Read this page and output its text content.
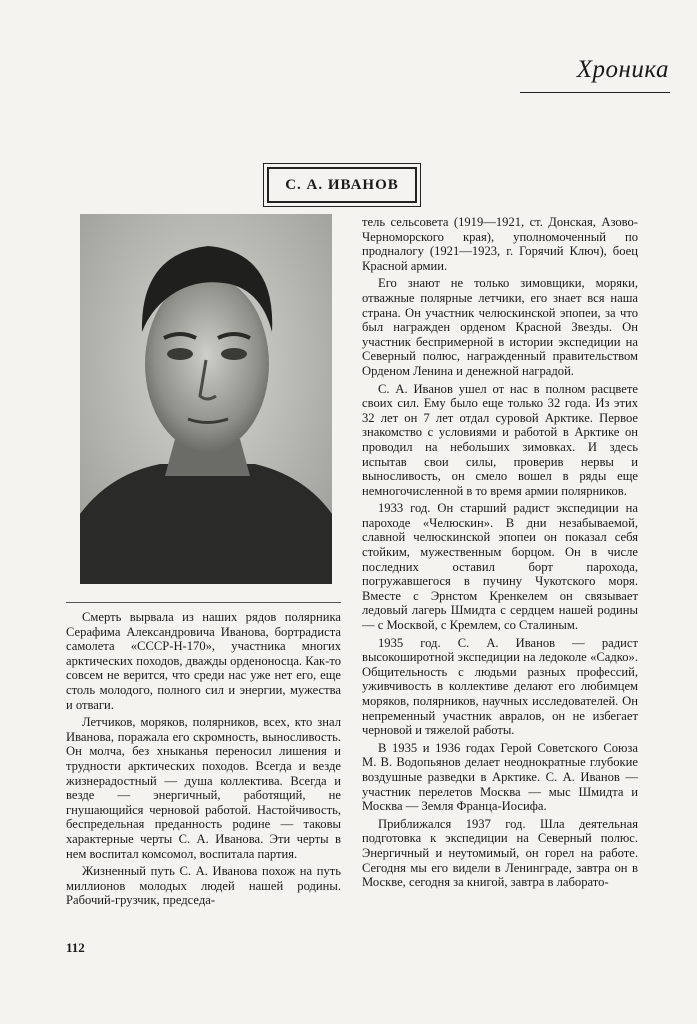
Хроника
С. А. ИВАНОВ

Смерть вырвала из наших рядов полярника Серафима Александровича Иванова, бортрадиста самолета «СССР-Н-170», участника многих арктических походов, дважды орденоносца. Как-то совсем не верится, что среди нас уже нет его, еще столь молодого, полного сил и энергии, мужества и отваги.

Летчиков, моряков, полярников, всех, кто знал Иванова, поражала его скромность, выносливость. Он молча, без хныканья переносил лишения и трудности арктических походов. Всегда и везде жизнерадостный — душа коллектива. Всегда и везде — энергичный, работящий, не гнушающийся черновой работой. Настойчивость, беспредельная преданность родине — таковы характерные черты С. А. Иванова. Эти черты в нем воспитал комсомол, воспитала партия.

Жизненный путь С. А. Иванова похож на путь миллионов молодых людей нашей родины. Рабочий-грузчик, председа-

тель сельсовета (1919—1921, ст. Донская, Азово-Черноморского края), уполномоченный по продналогу (1921—1923, г. Горячий Ключ), боец Красной армии.

Его знают не только зимовщики, моряки, отважные полярные летчики, его знает вся наша страна. Он участник челюскинской эпопеи, за что был награжден орденом Красной Звезды. Он участник беспримерной в истории экспедиции на Северный полюс, награжденный правительством Орденом Ленина и денежной наградой.

С. А. Иванов ушел от нас в полном расцвете своих сил. Ему было еще только 32 года. Из этих 32 лет он 7 лет отдал суровой Арктике. Первое знакомство с условиями и работой в Арктике он проводил на небольших зимовках. И здесь испытав свои силы, проверив нервы и выносливость, он смело вошел в ряды еще немногочисленной в то время армии полярников.

1933 год. Он старший радист экспедиции на пароходе «Челюскин». В дни незабываемой, славной челюскинской эпопеи он показал себя стойким, мужественным борцом. Он в числе последних оставил борт парохода, погружавшегося в пучину Чукотского моря. Вместе с Эрнстом Кренкелем он связывает ледовый лагерь Шмидта с сердцем нашей родины — с Москвой, с Кремлем, со Сталиным.

1935 год. С. А. Иванов — радист высокоширотной экспедиции на ледоколе «Садко». Общительность с людьми разных профессий, уживчивость в коллективе делают его любимцем моряков, полярников, научных исследователей. Он непременный участник авралов, он не избегает черновой и тяжелой работы.

В 1935 и 1936 годах Герой Советского Союза М. В. Водопьянов делает неоднократные глубокие воздушные разведки в Арктике. С. А. Иванов — участник перелетов Москва — мыс Шмидта и Москва — Земля Франца-Иосифа.

Приближался 1937 год. Шла деятельная подготовка к экспедиции на Северный полюс. Энергичный и неутомимый, он горел на работе. Сегодня мы его видели в Ленинграде, завтра он в Москве, сегодня за книгой, завтра в лаборато-

112
